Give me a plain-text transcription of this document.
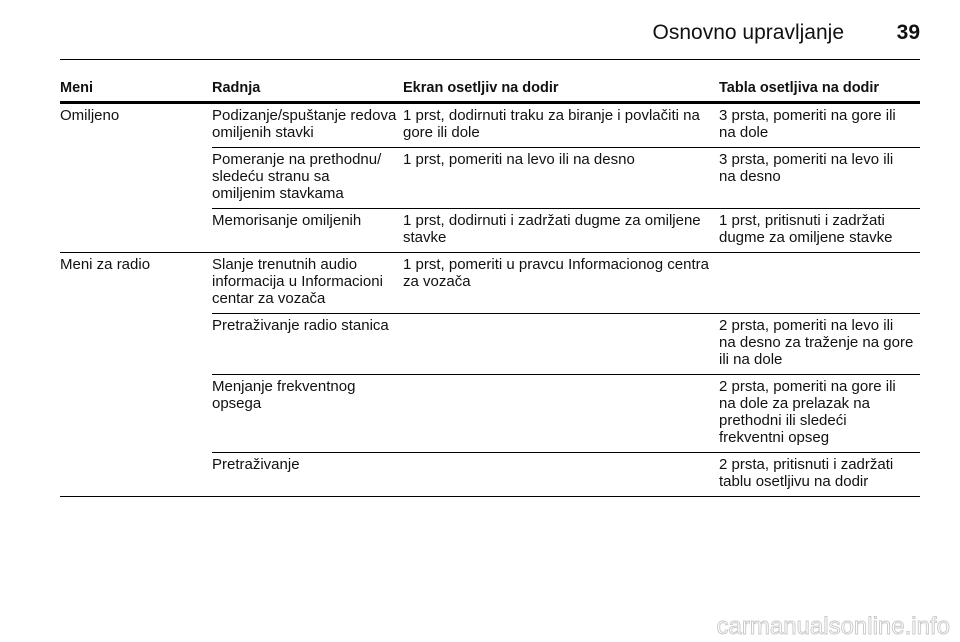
Osnovno upravljanje	39
Meni	Radnja	Ekran osetljiv na dodir	Tabla osetljiva na dodir
Omiljeno	Podizanje/spuštanje redova omiljenih stavki	1 prst, dodirnuti traku za biranje i povlačiti na gore ili dole	3 prsta, pomeriti na gore ili na dole
	Pomeranje na prethodnu/ sledeću stranu sa omiljenim stavkama	1 prst, pomeriti na levo ili na desno	3 prsta, pomeriti na levo ili na desno
	Memorisanje omiljenih	1 prst, dodirnuti i zadržati dugme za omiljene stavke	1 prst, pritisnuti i zadržati dugme za omiljene stavke
Meni za radio	Slanje trenutnih audio informacija u Informacioni centar za vozača	1 prst, pomeriti u pravcu Informacionog centra za vozača	
	Pretraživanje radio stanica		2 prsta, pomeriti na levo ili na desno za traženje na gore ili na dole
	Menjanje frekventnog opsega		2 prsta, pomeriti na gore ili na dole za prelazak na prethodni ili sledeći frekventni opseg
	Pretraživanje		2 prsta, pritisnuti i zadržati tablu osetljivu na dodir
carmanualsonline.info
